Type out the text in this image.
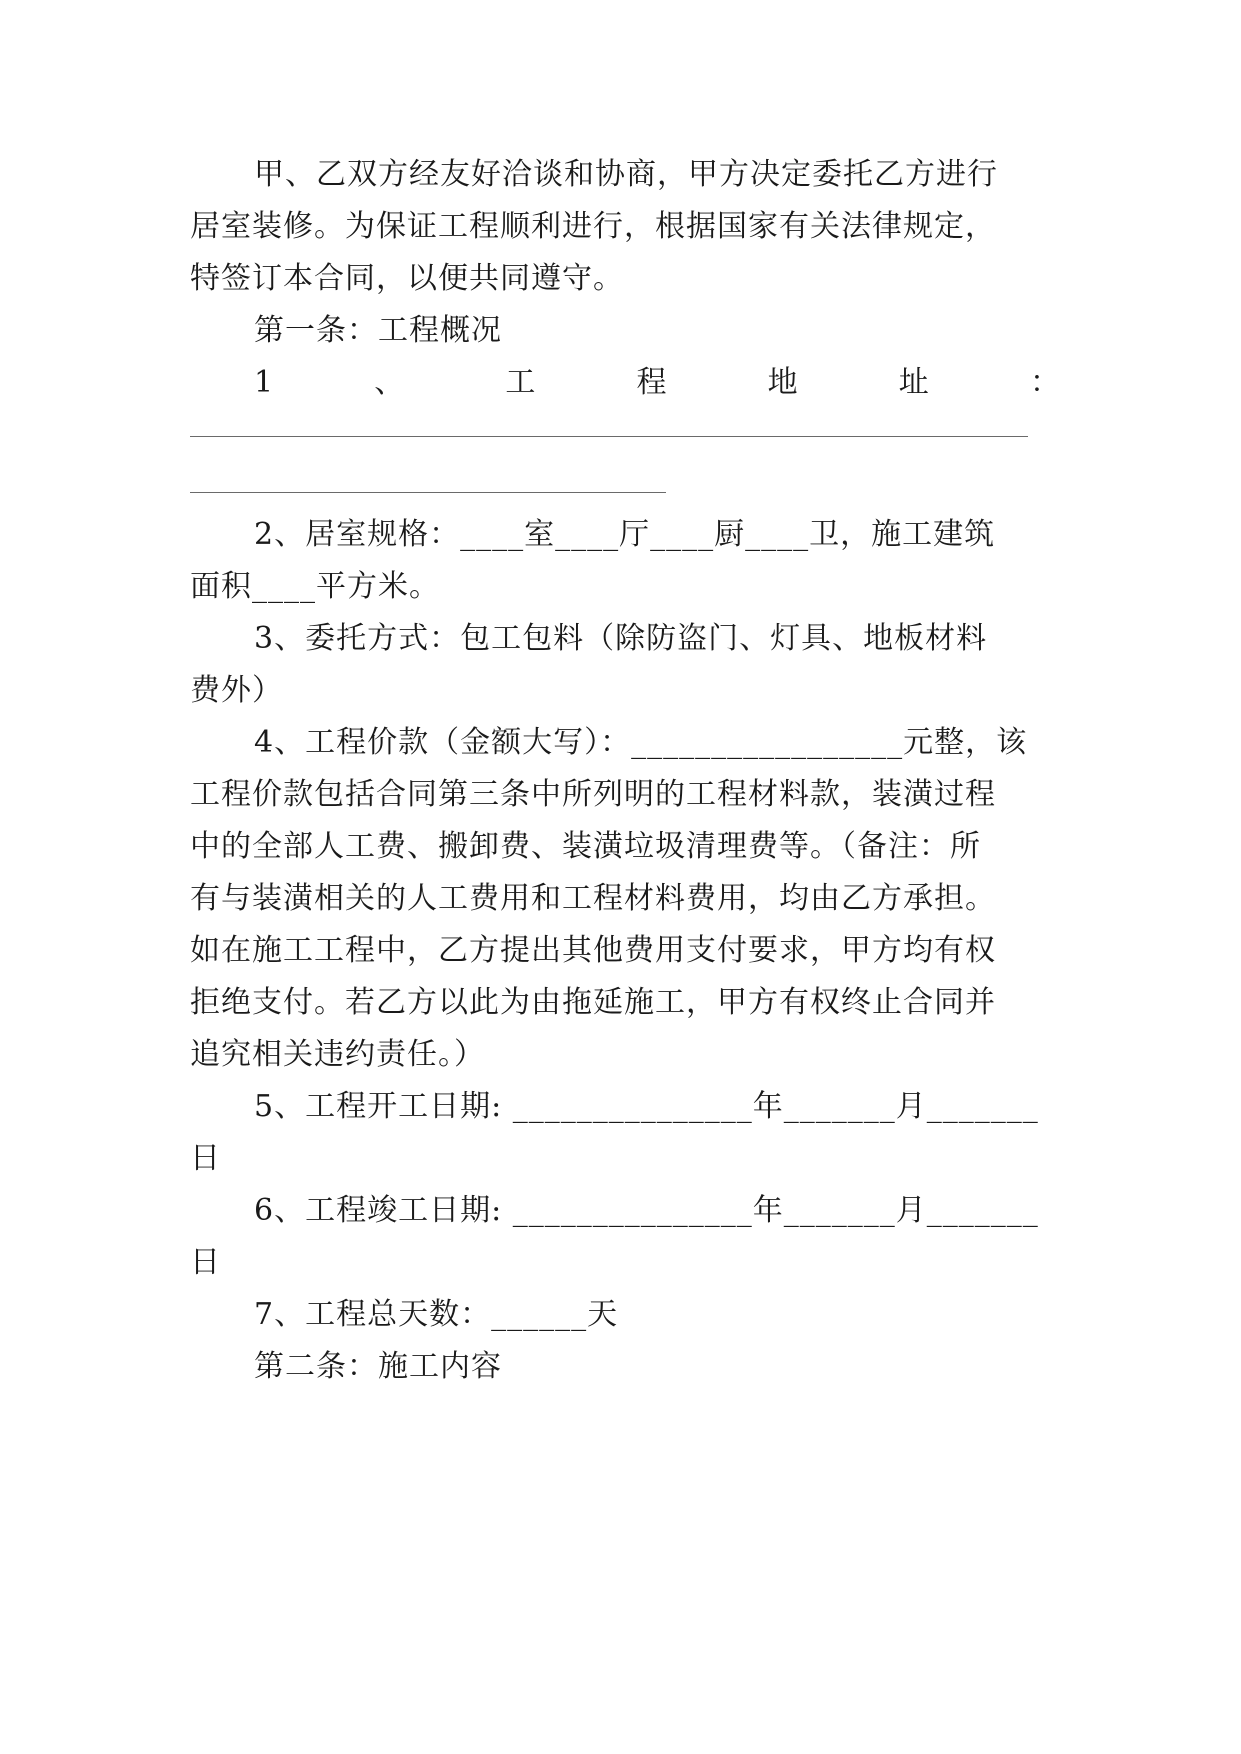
甲、乙双方经友好洽谈和协商，甲方决定委托乙方进行
居室装修。为保证工程顺利进行，根据国家有关法律规定，
特签订本合同，以便共同遵守。
第一条：工程概况
1	、	工	程	地	址	：
2、居室规格：____室____厅____厨____卫，施工建筑
面积____平方米。
3、委托方式：包工包料（除防盗门、灯具、地板材料
费外）
4、工程价款（金额大写）：_________________元整，该
工程价款包括合同第三条中所列明的工程材料款，装潢过程
中的全部人工费、搬卸费、装潢垃圾清理费等。（备注：所
有与装潢相关的人工费用和工程材料费用，均由乙方承担。
如在施工工程中，乙方提出其他费用支付要求，甲方均有权
拒绝支付。若乙方以此为由拖延施工，甲方有权终止合同并
追究相关违约责任。）
5、工程开工日期: _______________年_______月_______
日
6、工程竣工日期: _______________年_______月_______
日
7、工程总天数：______天
第二条：施工内容
